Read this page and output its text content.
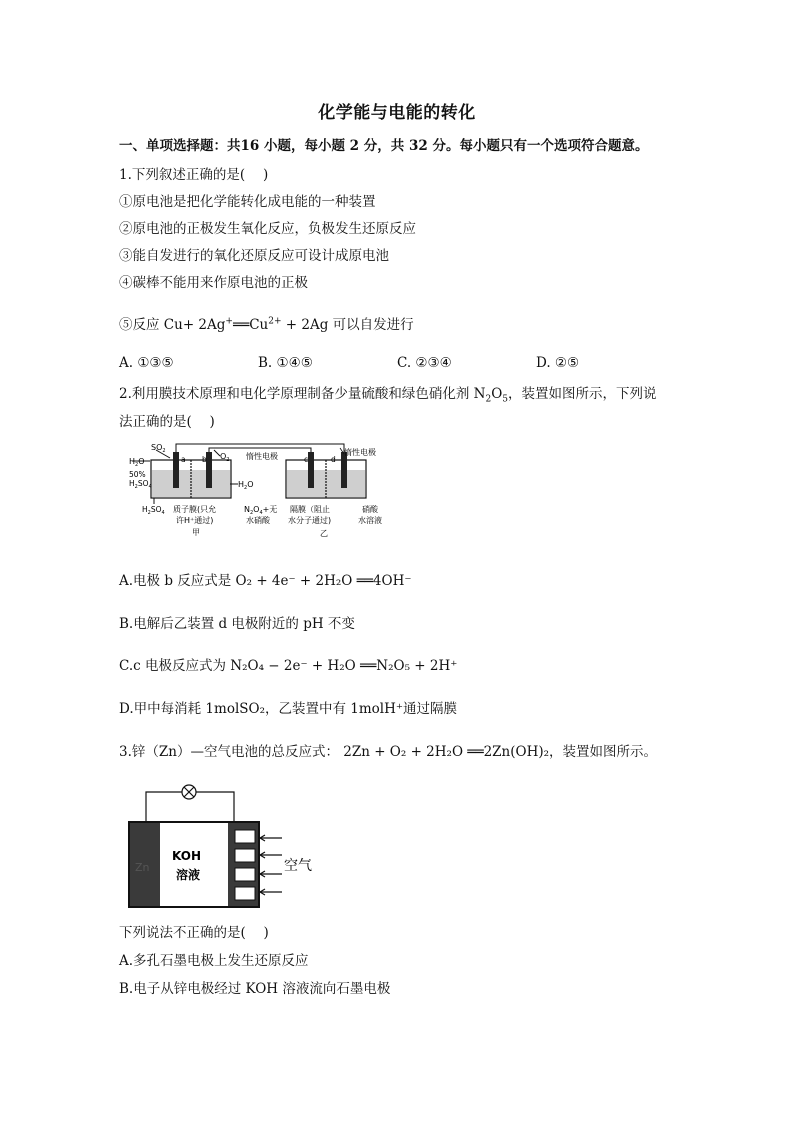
化学能与电能的转化
一、单项选择题：共16 小题，每小题 2 分，共 32 分。每小题只有一个选项符合题意。
1.下列叙述正确的是(　 )
①原电池是把化学能转化成电能的一种装置
②原电池的正极发生氧化反应，负极发生还原反应
③能自发进行的氧化还原反应可设计成原电池
④碳棒不能用来作原电池的正极
⑤反应 $Cu+ 2Ag^+══Cu^{2+} + 2Ag$ 可以自发进行
A. ①③⑤	B. ①④⑤	C. ②③④	D. ②⑤
2.利用膜技术原理和电化学原理制备少量硫酸和绿色硝化剂 $N_2O_5$，装置如图所示，下列说
法正确的是(　 )
$H_2O$
$SO_2$
50%
$H_2SO_4$
$H_2SO_4$
a b $O_2$
$H_2O$
惰性电极	惰性电极
c	d
质子膜(只允
许H⁺通过)
甲
$N_2O_4+$无
水硝酸
隔膜（阻止
水分子通过)
乙
硝酸
水溶液
A.电极 b 反应式是 O₂ + 4e⁻ + 2H₂O ══4OH⁻
B.电解后乙装置 d 电极附近的 pH 不变
C.c 电极反应式为 N₂O₄ − 2e⁻ + H₂O ══N₂O₅ + 2H⁺
D.甲中每消耗 1molSO₂，乙装置中有 1molH⁺通过隔膜
3.锌（Zn）—空气电池的总反应式： 2Zn + O₂ + 2H₂O ══2Zn(OH)₂，装置如图所示。
Zn
KOH
溶液
空气
下列说法不正确的是(　 )
A.多孔石墨电极上发生还原反应
B.电子从锌电极经过 KOH 溶液流向石墨电极
